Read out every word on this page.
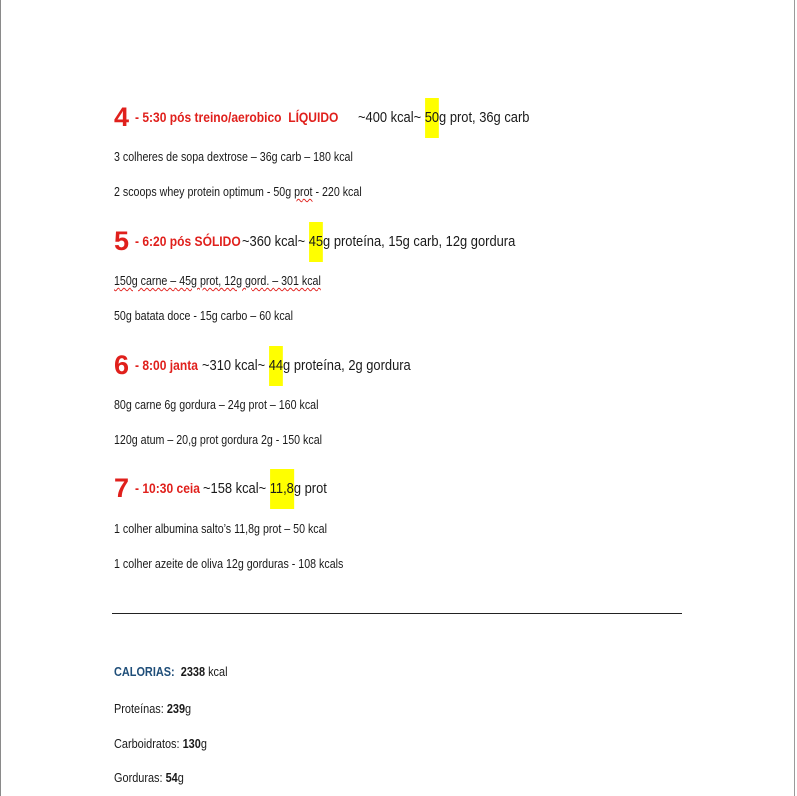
4 - 5:30 pós treino/aerobico LÍQUIDO ~400 kcal~ 50g prot, 36g carb
3 colheres de sopa dextrose – 36g carb – 180 kcal
2 scoops whey protein optimum - 50g prot - 220 kcal
5 - 6:20 pós SÓLIDO ~360 kcal~ 45g proteína, 15g carb, 12g gordura
150g carne – 45g prot, 12g gord. – 301 kcal
50g batata doce - 15g carbo – 60 kcal
6 - 8:00 janta ~310 kcal~ 44g proteína, 2g gordura
80g carne 6g gordura – 24g prot – 160 kcal
120g atum – 20,g prot gordura 2g - 150 kcal
7 - 10:30 ceia ~158 kcal~ 11,8g prot
1 colher albumina salto’s 11,8g prot – 50 kcal
1 colher azeite de oliva 12g gorduras - 108 kcals
CALORIAS: 2338 kcal
Proteínas: 239g
Carboidratos: 130g
Gorduras: 54g
